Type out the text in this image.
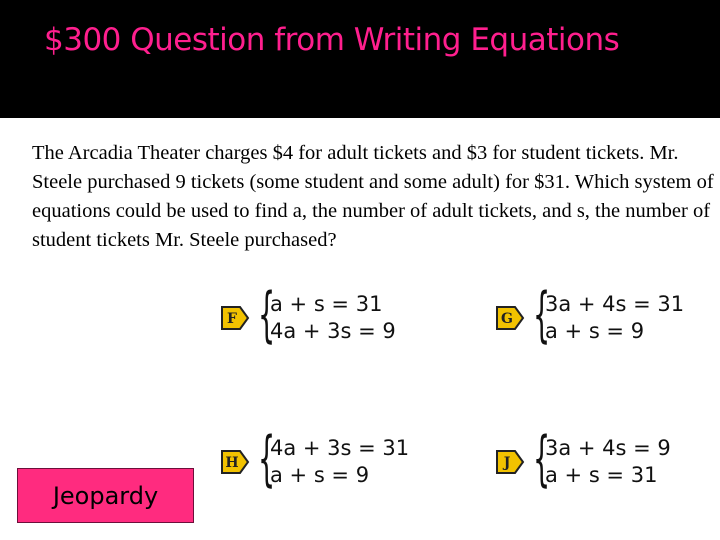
$300 Question from Writing Equations
The Arcadia Theater charges $4 for adult tickets and $3 for student tickets. Mr. Steele purchased 9 tickets (some student and some adult) for $31. Which system of equations could be used to find a, the number of adult tickets, and s, the number of student tickets Mr. Steele purchased?
F {
a + s = 31
4a + 3s = 9	G {
3a + 4s = 31
a + s = 9
H {
4a + 3s = 31
a + s = 9	J {
3a + 4s = 9
a + s = 31
Jeopardy
